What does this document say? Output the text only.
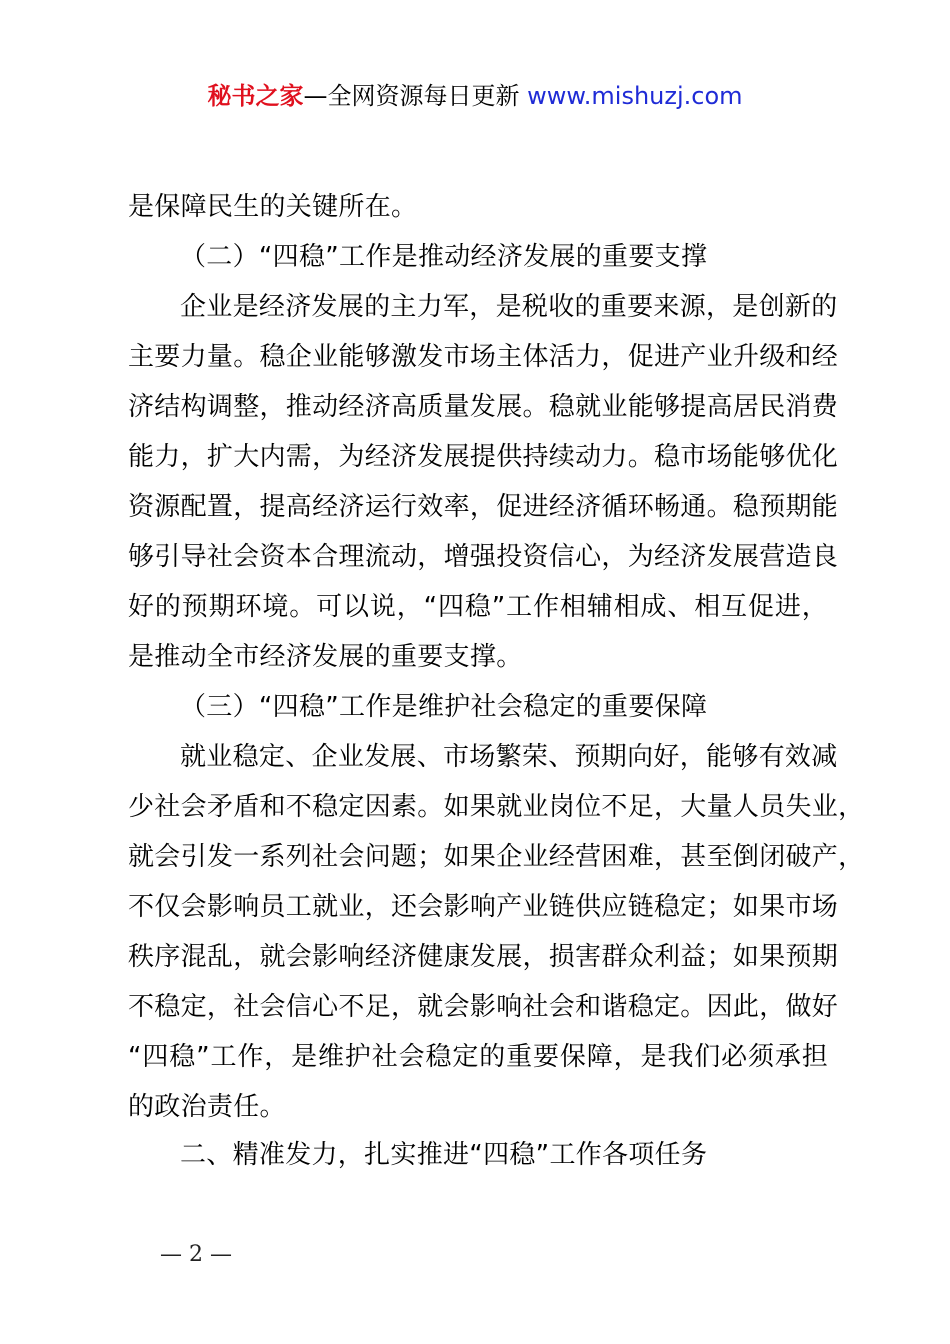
秘书之家—全网资源每日更新 www.mishuzj.com
是保障民生的关键所在。
（二）“四稳”工作是推动经济发展的重要支撑
企业是经济发展的主力军，是税收的重要来源，是创新的
主要力量。稳企业能够激发市场主体活力，促进产业升级和经
济结构调整，推动经济高质量发展。稳就业能够提高居民消费
能力，扩大内需，为经济发展提供持续动力。稳市场能够优化
资源配置，提高经济运行效率，促进经济循环畅通。稳预期能
够引导社会资本合理流动，增强投资信心，为经济发展营造良
好的预期环境。可以说，“四稳”工作相辅相成、相互促进，
是推动全市经济发展的重要支撑。
（三）“四稳”工作是维护社会稳定的重要保障
就业稳定、企业发展、市场繁荣、预期向好，能够有效减
少社会矛盾和不稳定因素。如果就业岗位不足，大量人员失业，
就会引发一系列社会问题；如果企业经营困难，甚至倒闭破产，
不仅会影响员工就业，还会影响产业链供应链稳定；如果市场
秩序混乱，就会影响经济健康发展，损害群众利益；如果预期
不稳定，社会信心不足，就会影响社会和谐稳定。因此，做好
“四稳”工作，是维护社会稳定的重要保障，是我们必须承担
的政治责任。
二、精准发力，扎实推进“四稳”工作各项任务
— 2 —
